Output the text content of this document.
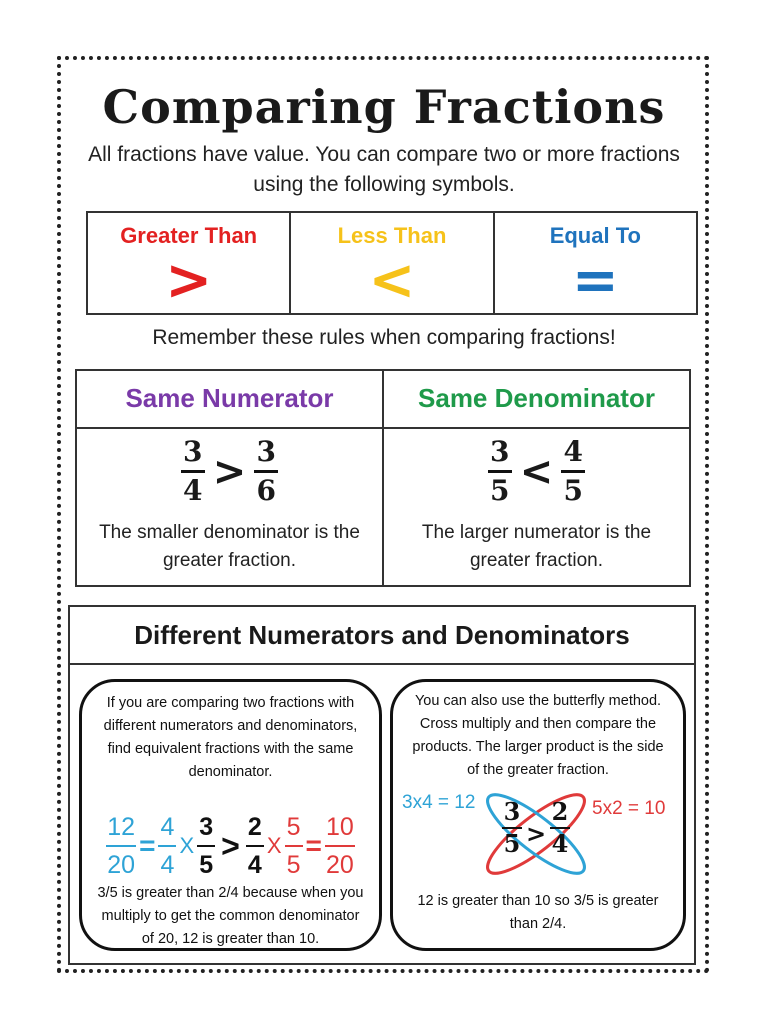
Comparing Fractions
All fractions have value. You can compare two or more fractions using the following symbols.
Greater Than
>
Less Than
<
Equal To
=
Remember these rules when comparing fractions!
Same Numerator	Same Denominator
$\frac{3}{4} > \frac{3}{6}$
The smaller denominator is the greater fraction.
$\frac{3}{5} < \frac{4}{5}$
The larger numerator is the greater fraction.
Different Numerators and Denominators
If you are comparing two fractions with different numerators and denominators, find equivalent fractions with the same denominator.
12
20
=
4
4
X
3
5
>
2
4
X
5
5
=
10
20
3/5 is greater than 2/4 because when you multiply to get the common denominator of 20, 12 is greater than 10.
You can also use the butterfly method. Cross multiply and then compare the products. The larger product is the side of the greater fraction.
3x4 = 12	5x2 = 10
3
5 >
2
4
12 is greater than 10 so 3/5 is greater than 2/4.
